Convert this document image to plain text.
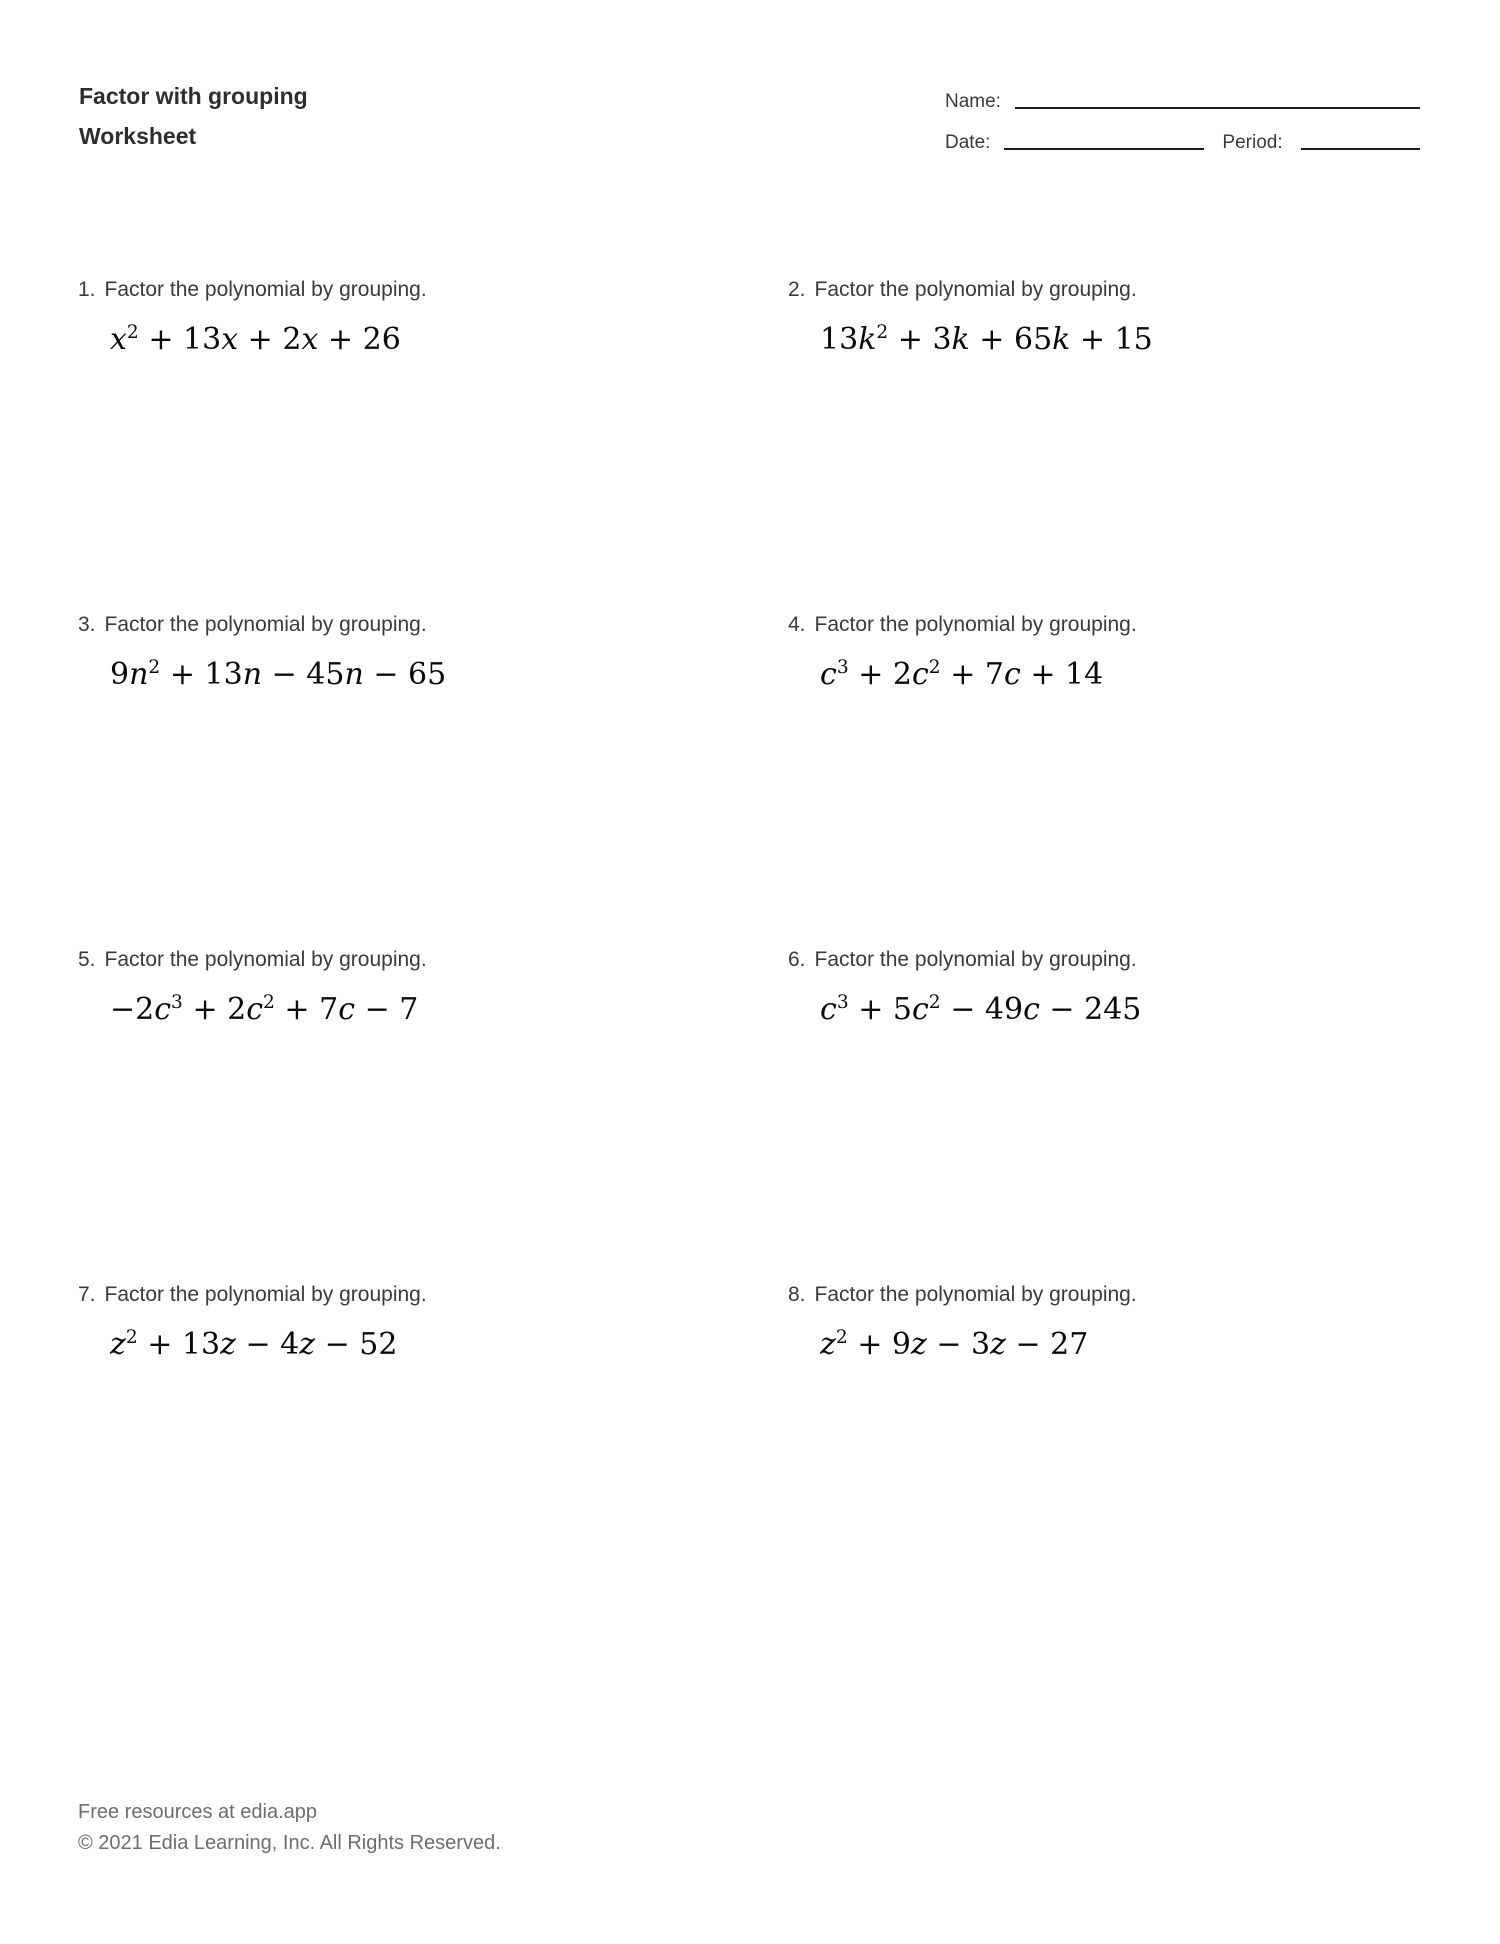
Factor with grouping
Worksheet
Name:
Date:	Period:
1. Factor the polynomial by grouping.
$x^2 + 13x + 2x + 26$
2. Factor the polynomial by grouping.
$13k^2 + 3k + 65k + 15$
3. Factor the polynomial by grouping.
$9n^2 + 13n - 45n - 65$
4. Factor the polynomial by grouping.
$c^3 + 2c^2 + 7c + 14$
5. Factor the polynomial by grouping.
$-2c^3 + 2c^2 + 7c - 7$
6. Factor the polynomial by grouping.
$c^3 + 5c^2 - 49c - 245$
7. Factor the polynomial by grouping.
$z^2 + 13z - 4z - 52$
8. Factor the polynomial by grouping.
$z^2 + 9z - 3z - 27$
Free resources at edia.app
© 2021 Edia Learning, Inc. All Rights Reserved.
